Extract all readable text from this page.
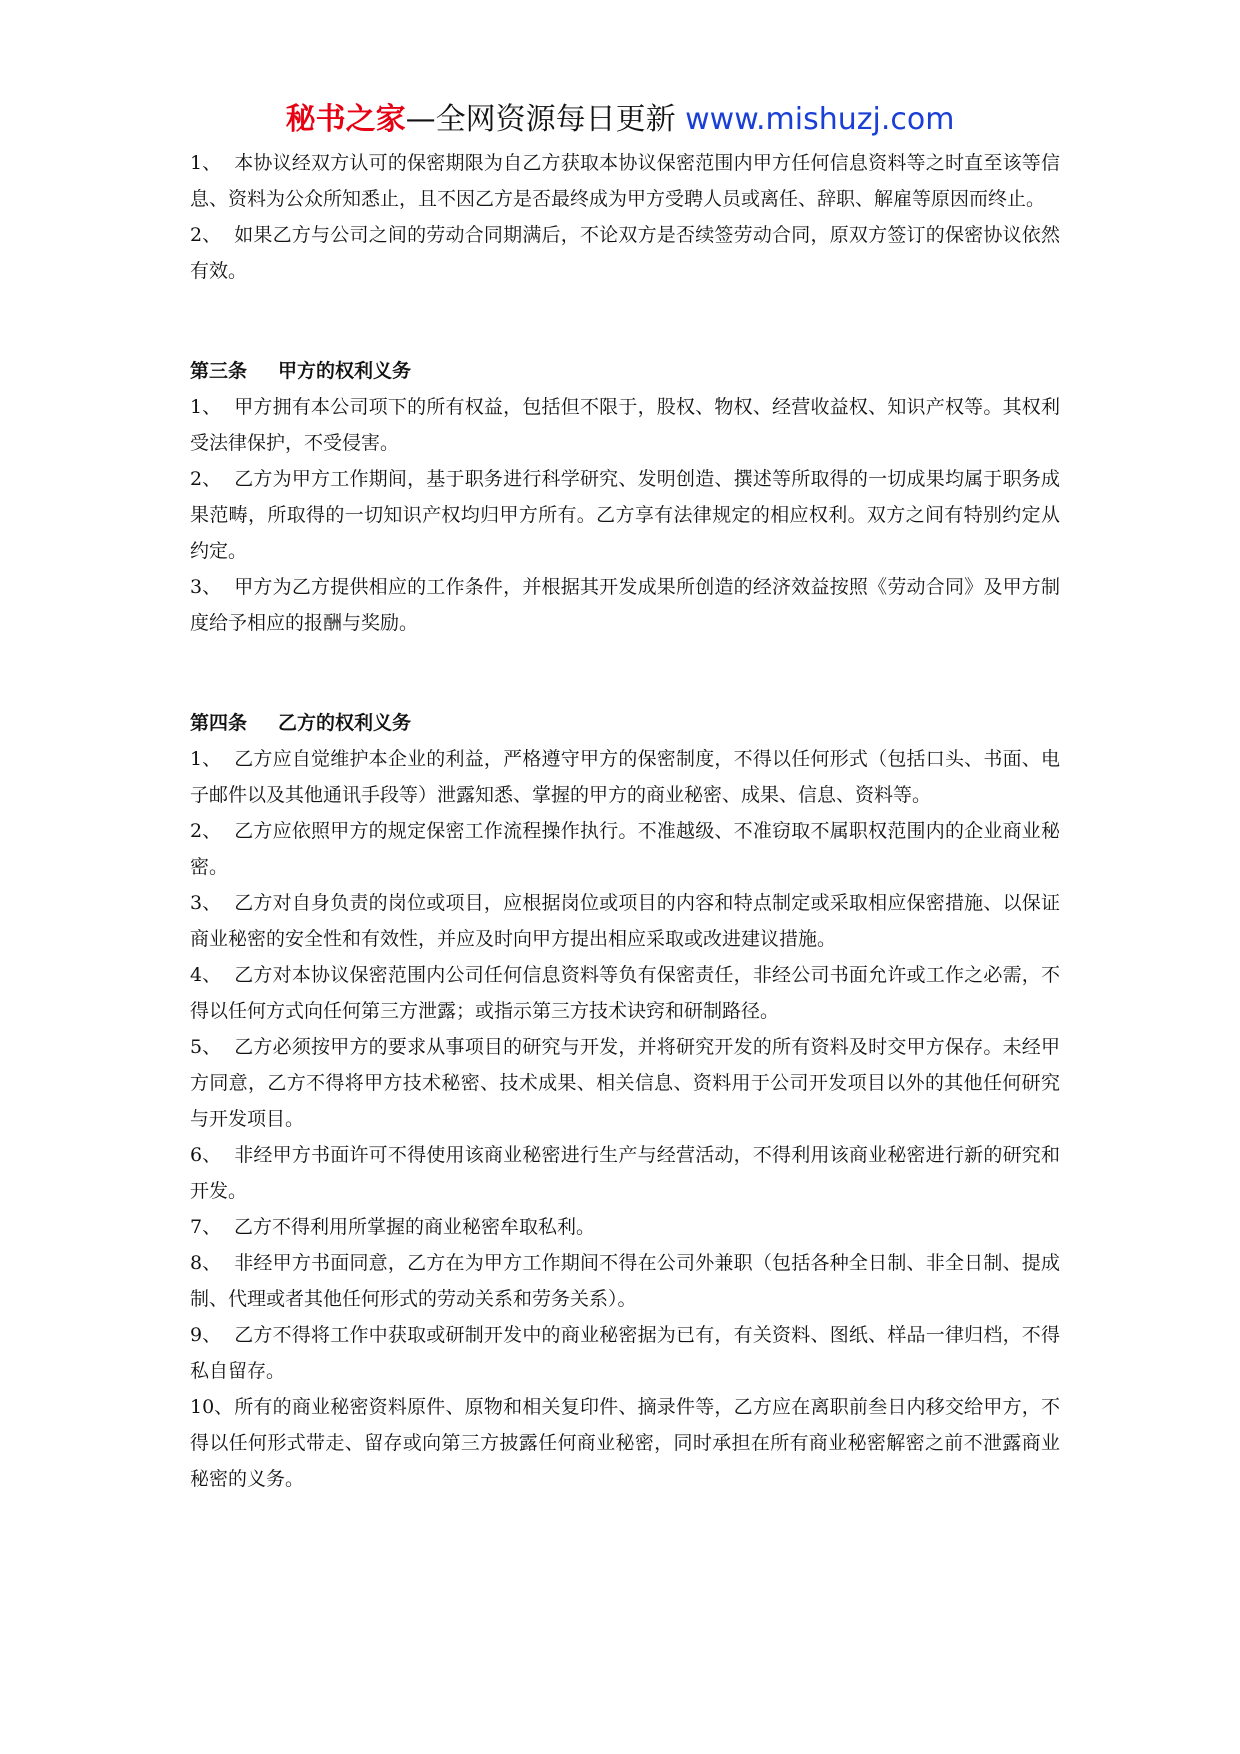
秘书之家—全网资源每日更新 www.mishuzj.com

1、 本协议经双方认可的保密期限为自乙方获取本协议保密范围内甲方任何信息资料等之时直至该等信息、资料为公众所知悉止，且不因乙方是否最终成为甲方受聘人员或离任、辞职、解雇等原因而终止。

2、 如果乙方与公司之间的劳动合同期满后，不论双方是否续签劳动合同，原双方签订的保密协议依然有效。

第三条 甲方的权利义务

1、 甲方拥有本公司项下的所有权益，包括但不限于，股权、物权、经营收益权、知识产权等。其权利受法律保护，不受侵害。

2、 乙方为甲方工作期间，基于职务进行科学研究、发明创造、撰述等所取得的一切成果均属于职务成果范畴，所取得的一切知识产权均归甲方所有。乙方享有法律规定的相应权利。双方之间有特别约定从约定。

3、 甲方为乙方提供相应的工作条件，并根据其开发成果所创造的经济效益按照《劳动合同》及甲方制度给予相应的报酬与奖励。

第四条 乙方的权利义务

1、 乙方应自觉维护本企业的利益，严格遵守甲方的保密制度，不得以任何形式（包括口头、书面、电子邮件以及其他通讯手段等）泄露知悉、掌握的甲方的商业秘密、成果、信息、资料等。

2、 乙方应依照甲方的规定保密工作流程操作执行。不准越级、不准窃取不属职权范围内的企业商业秘密。

3、 乙方对自身负责的岗位或项目，应根据岗位或项目的内容和特点制定或采取相应保密措施、以保证商业秘密的安全性和有效性，并应及时向甲方提出相应采取或改进建议措施。

4、 乙方对本协议保密范围内公司任何信息资料等负有保密责任，非经公司书面允许或工作之必需，不得以任何方式向任何第三方泄露；或指示第三方技术诀窍和研制路径。

5、 乙方必须按甲方的要求从事项目的研究与开发，并将研究开发的所有资料及时交甲方保存。未经甲方同意，乙方不得将甲方技术秘密、技术成果、相关信息、资料用于公司开发项目以外的其他任何研究与开发项目。

6、 非经甲方书面许可不得使用该商业秘密进行生产与经营活动，不得利用该商业秘密进行新的研究和开发。

7、 乙方不得利用所掌握的商业秘密牟取私利。

8、 非经甲方书面同意，乙方在为甲方工作期间不得在公司外兼职（包括各种全日制、非全日制、提成制、代理或者其他任何形式的劳动关系和劳务关系）。

9、 乙方不得将工作中获取或研制开发中的商业秘密据为已有，有关资料、图纸、样品一律归档，不得私自留存。

10、所有的商业秘密资料原件、原物和相关复印件、摘录件等，乙方应在离职前叁日内移交给甲方，不得以任何形式带走、留存或向第三方披露任何商业秘密，同时承担在所有商业秘密解密之前不泄露商业秘密的义务。
